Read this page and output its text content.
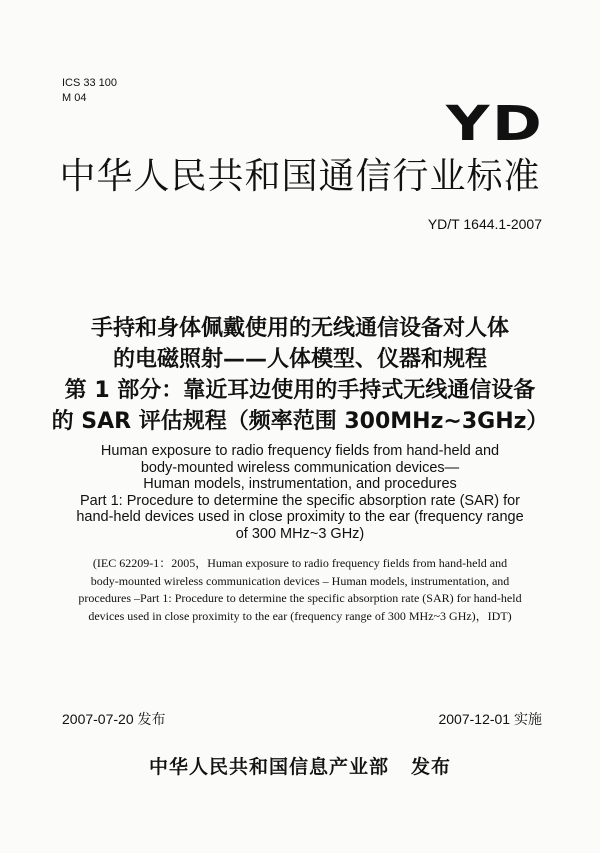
ICS 33 100
M 04	YD
中华人民共和国通信行业标准
YD/T 1644.1-2007
手持和身体佩戴使用的无线通信设备对人体
的电磁照射——人体模型、仪器和规程
第 1 部分：靠近耳边使用的手持式无线通信设备
的 SAR 评估规程（频率范围 300MHz~3GHz）
Human exposure to radio frequency fields from hand-held and
body-mounted wireless communication devices—
Human models, instrumentation, and procedures
Part 1: Procedure to determine the specific absorption rate (SAR) for
hand-held devices used in close proximity to the ear (frequency range
of 300 MHz~3 GHz)
(IEC 62209-1：2005，Human exposure to radio frequency fields from hand-held and
body-mounted wireless communication devices – Human models, instrumentation, and
procedures –Part 1: Procedure to determine the specific absorption rate (SAR) for hand-held
devices used in close proximity to the ear (frequency range of 300 MHz~3 GHz)，IDT)
2007-07-20 发布	2007-12-01 实施
中华人民共和国信息产业部 发布
